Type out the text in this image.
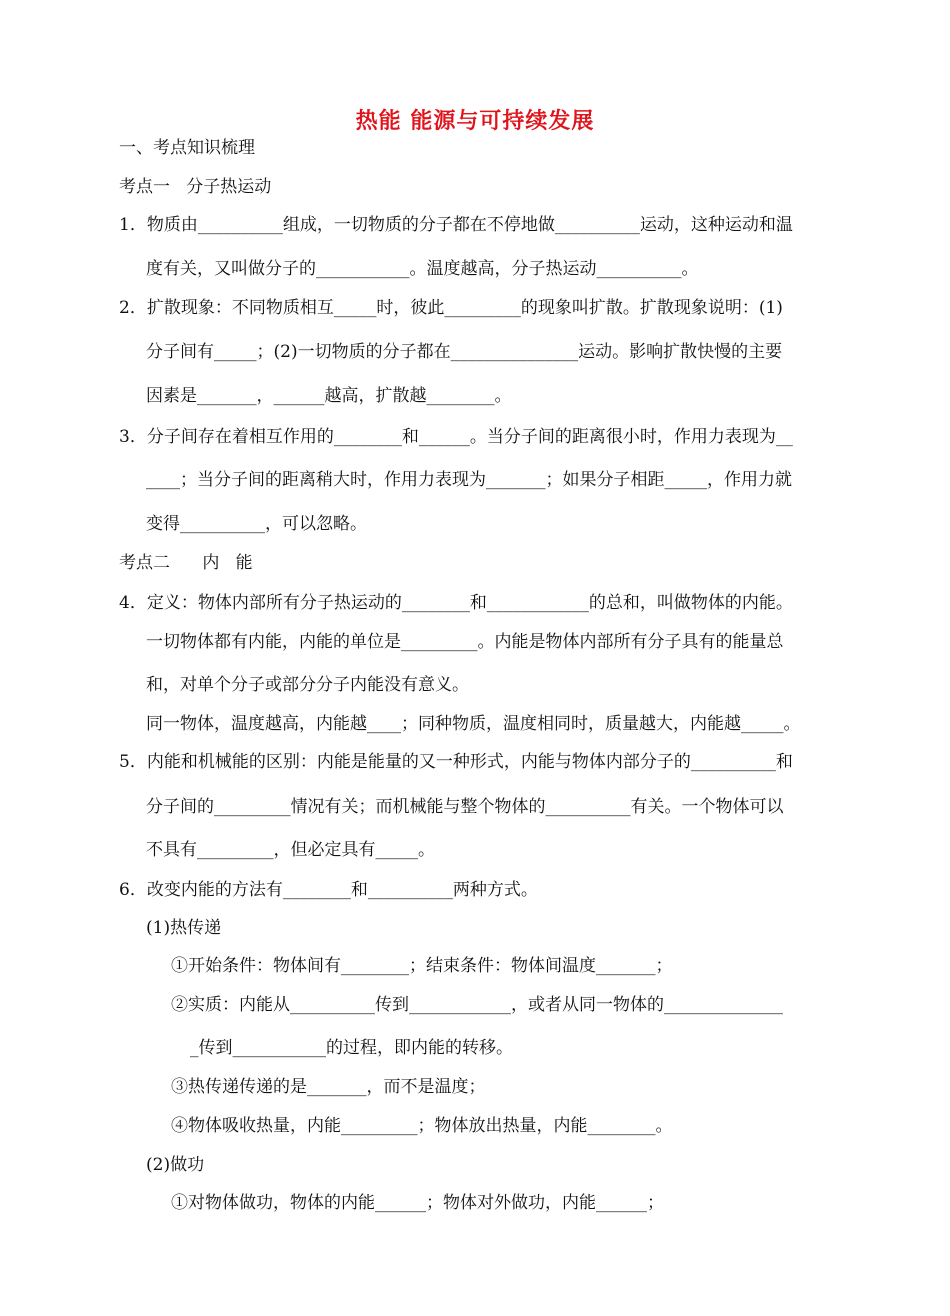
热能 能源与可持续发展
一、考点知识梳理
考点一   分子热运动
1．物质由__________组成，一切物质的分子都在不停地做__________运动，这种运动和温
度有关，又叫做分子的___________。温度越高，分子热运动__________。
2．扩散现象：不同物质相互_____时，彼此_________的现象叫扩散。扩散现象说明：(1)
分子间有_____；(2)一切物质的分子都在_______________运动。影响扩散快慢的主要
因素是_______，______越高，扩散越________。
3．分子间存在着相互作用的________和______。当分子间的距离很小时，作用力表现为__
____；当分子间的距离稍大时，作用力表现为_______；如果分子相距_____，作用力就
变得__________，可以忽略。
考点二      内   能
4．定义：物体内部所有分子热运动的________和____________的总和，叫做物体的内能。
一切物体都有内能，内能的单位是_________。内能是物体内部所有分子具有的能量总
和，对单个分子或部分分子内能没有意义。
同一物体，温度越高，内能越____；同种物质，温度相同时，质量越大，内能越_____。
5．内能和机械能的区别：内能是能量的又一种形式，内能与物体内部分子的__________和
分子间的_________情况有关；而机械能与整个物体的__________有关。一个物体可以
不具有_________，但必定具有_____。
6．改变内能的方法有________和__________两种方式。
(1)热传递
①开始条件：物体间有________；结束条件：物体间温度_______；
②实质：内能从__________传到____________，或者从同一物体的______________
_传到___________的过程，即内能的转移。
③热传递传递的是_______，而不是温度；
④物体吸收热量，内能_________；物体放出热量，内能________。
(2)做功
①对物体做功，物体的内能______；物体对外做功，内能______；
